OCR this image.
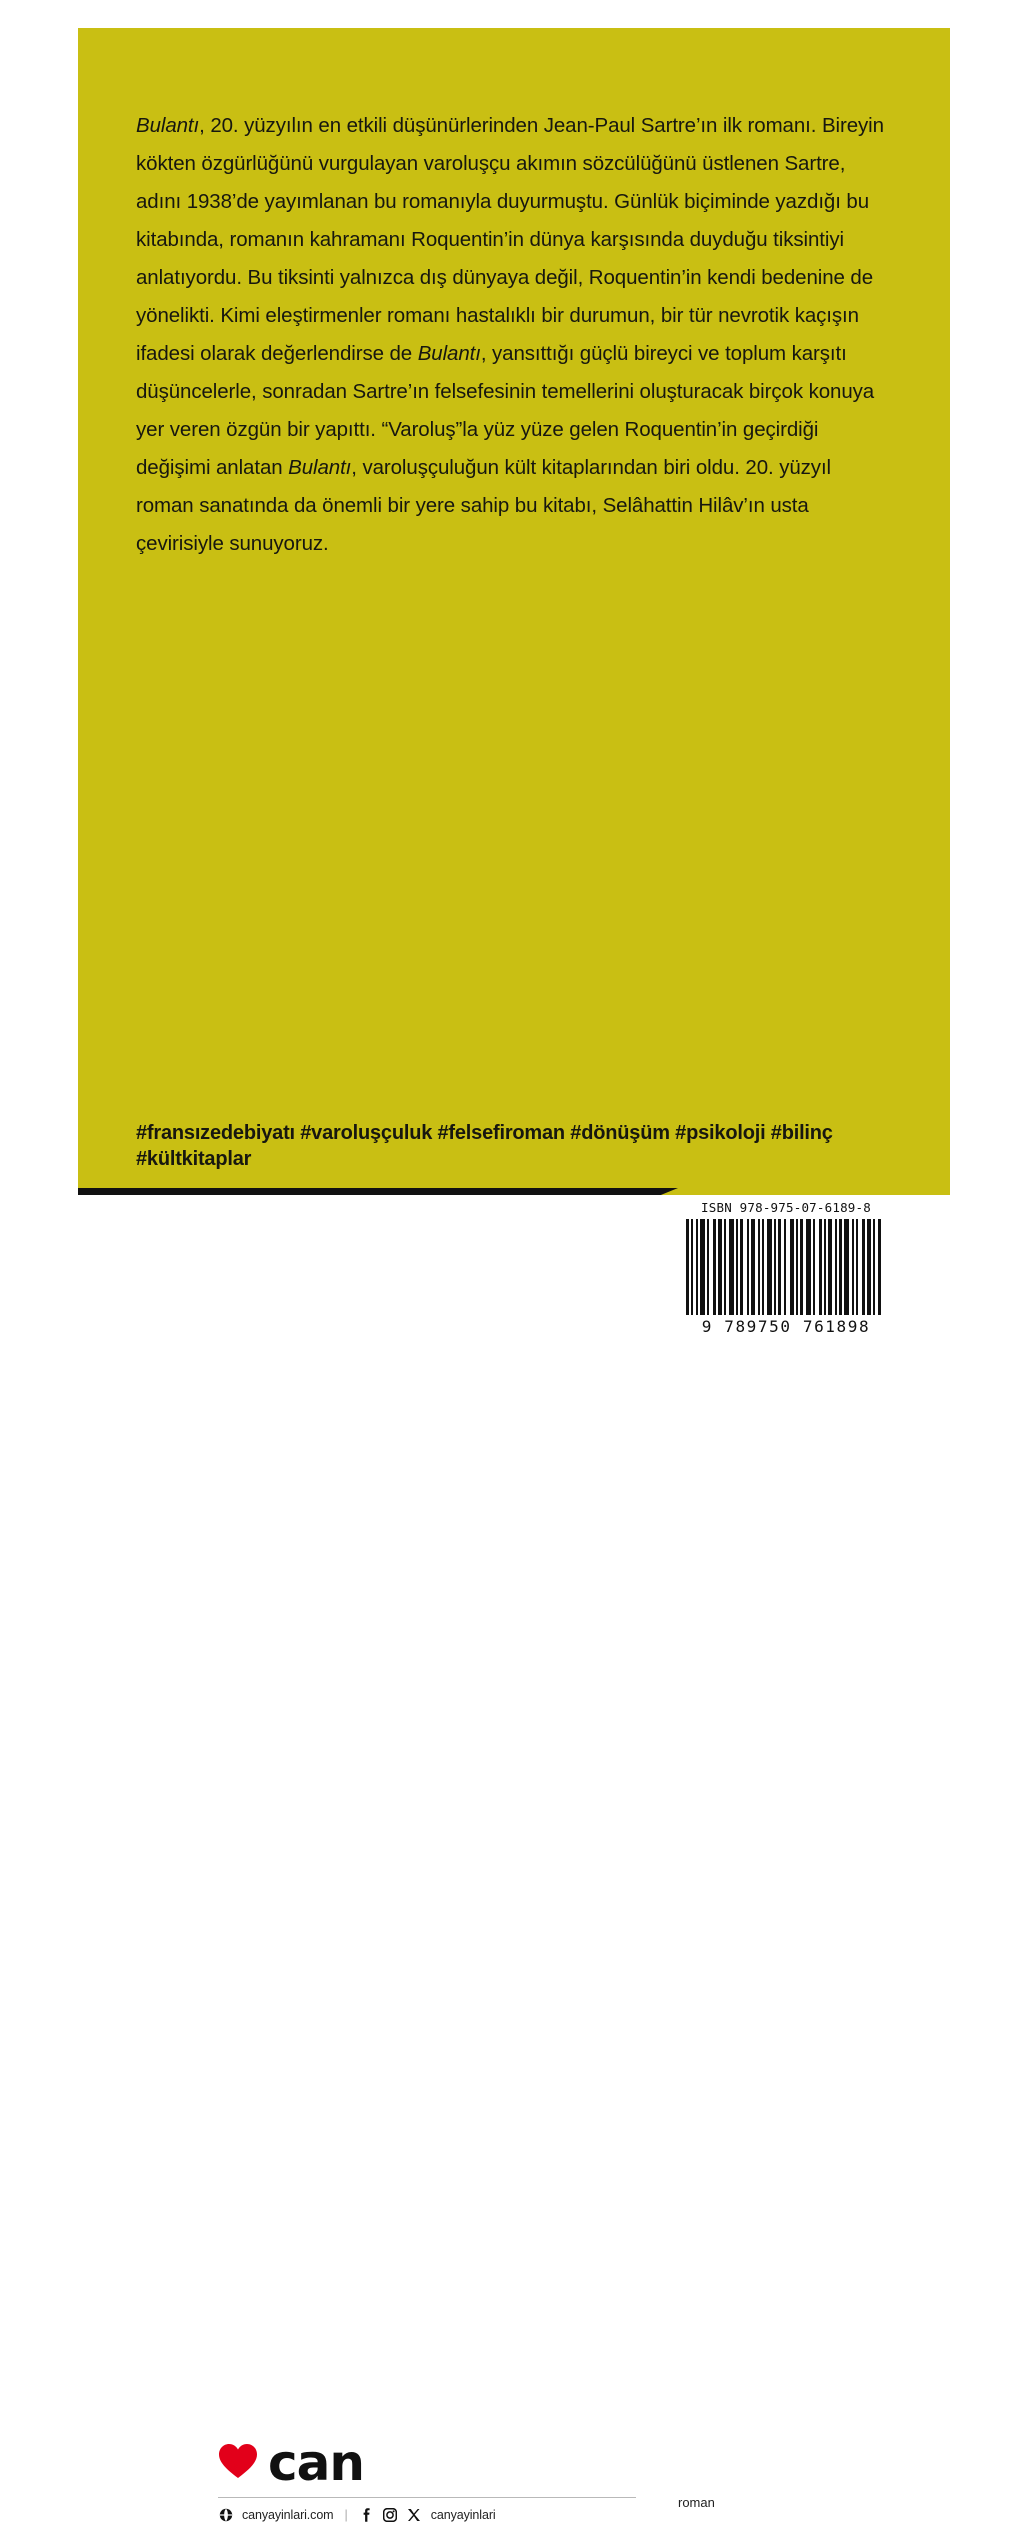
Bulantı, 20. yüzyılın en etkili düşünürlerinden Jean-Paul Sartre’ın ilk romanı. Bireyin kökten özgürlüğünü vurgulayan varoluşçu akımın sözcülüğünü üstlenen Sartre, adını 1938’de yayımlanan bu romanıyla duyurmuştu. Günlük biçiminde yazdığı bu kitabında, romanın kahramanı Roquentin’in dünya karşısında duyduğu tiksintiyi anlatıyordu. Bu tiksinti yalnızca dış dünyaya değil, Roquentin’in kendi bedenine de yönelikti. Kimi eleştirmenler romanı hastalıklı bir durumun, bir tür nevrotik kaçışın ifadesi olarak değerlendirse de Bulantı, yansıttığı güçlü bireyci ve toplum karşıtı düşüncelerle, sonradan Sartre’ın felsefesinin temellerini oluşturacak birçok konuya yer veren özgün bir yapıttı. “Varoluş”la yüz yüze gelen Roquentin’in geçirdiği değişimi anlatan Bulantı, varoluşçuluğun kült kitaplarından biri oldu. 20. yüzyıl roman sanatında da önemli bir yere sahip bu kitabı, Selâhattin Hilâv’ın usta çevirisiyle sunuyoruz.

#fransızedebiyatı #varoluşçuluk #felsefiroman #dönüşüm #psikoloji #bilinç #kültkitaplar
can
canyayinlari.com |	canyayinlari
roman
ISBN 978-975-07-6189-8
9 789750 761898
